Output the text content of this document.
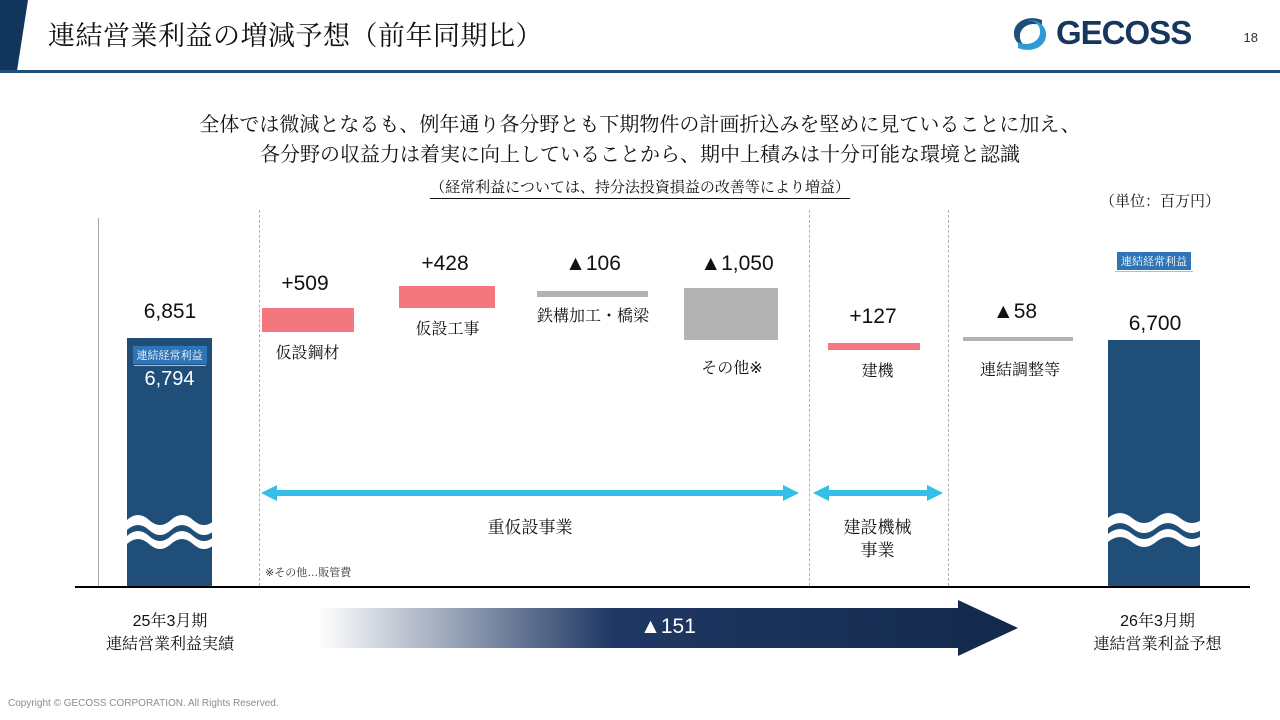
連結営業利益の増減予想（前年同期比）	GECOSS	18
全体では微減となるも、例年通り各分野とも下期物件の計画折込みを堅めに見ていることに加え、
各分野の収益力は着実に向上していることから、期中上積みは十分可能な環境と認識
（経常利益については、持分法投資損益の改善等により増益）
（単位：百万円）
6,851
連結経常利益
6,794
+509
仮設鋼材
+428
仮設工事
▲106
鉄構加工・橋梁
▲1,050
その他※
+127
建機
▲58
連結調整等
6,700
連結経常利益
7,000
重仮設事業	建設機械
事業
※その他…販管費
▲151
25年3月期
連結営業利益実績
26年3月期
連結営業利益予想
Copyright © GECOSS CORPORATION. All Rights Reserved.
